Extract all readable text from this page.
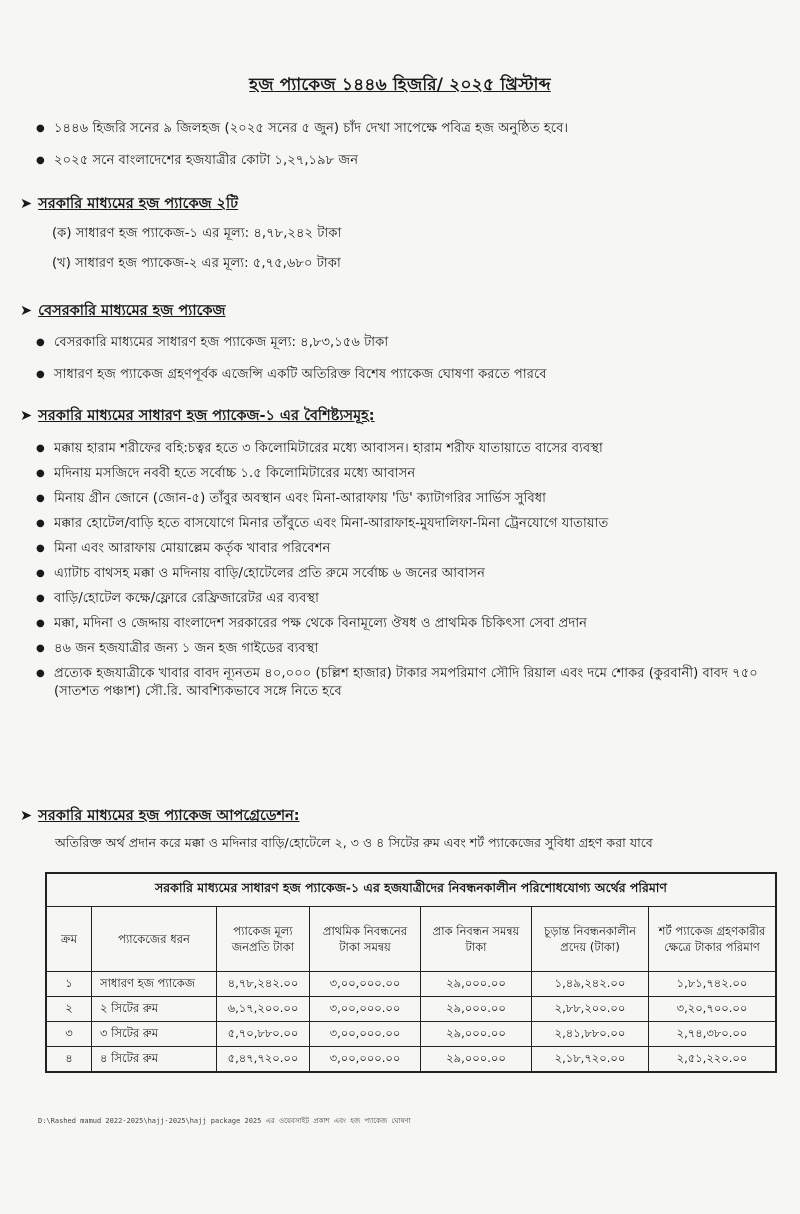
হজ প্যাকেজ ১৪৪৬ হিজরি/ ২০২৫ খ্রিস্টাব্দ
● ১৪৪৬ হিজরি সনের ৯ জিলহজ (২০২৫ সনের ৫ জুন) চাঁদ দেখা সাপেক্ষে পবিত্র হজ অনুষ্ঠিত হবে।
● ২০২৫ সনে বাংলাদেশের হজযাত্রীর কোটা ১,২৭,১৯৮ জন
➤ সরকারি মাধ্যমের হজ প্যাকেজ ২টি
(ক) সাধারণ হজ প্যাকেজ-১ এর মূল্য: ৪,৭৮,২৪২ টাকা
(খ) সাধারণ হজ প্যাকেজ-২ এর মূল্য: ৫,৭৫,৬৮০ টাকা
➤ বেসরকারি মাধ্যমের হজ প্যাকেজ
● বেসরকারি মাধ্যমের সাধারণ হজ প্যাকেজ মূল্য: ৪,৮৩,১৫৬ টাকা
● সাধারণ হজ প্যাকেজ গ্রহণপূর্বক এজেন্সি একটি অতিরিক্ত বিশেষ প্যাকেজ ঘোষণা করতে পারবে
➤ সরকারি মাধ্যমের সাধারণ হজ প্যাকেজ-১ এর বৈশিষ্ট্যসমূহ:
● মক্কায় হারাম শরীফের বহি:চত্বর হতে ৩ কিলোমিটারের মধ্যে আবাসন। হারাম শরীফ যাতায়াতে বাসের ব্যবস্থা
● মদিনায় মসজিদে নববী হতে সর্বোচ্চ ১.৫ কিলোমিটারের মধ্যে আবাসন
● মিনায় গ্রীন জোনে (জোন-৫) তাঁবুর অবস্থান এবং মিনা-আরাফায় 'ডি' ক্যাটাগরির সার্ভিস সুবিধা
● মক্কার হোটেল/বাড়ি হতে বাসযোগে মিনার তাঁবুতে এবং মিনা-আরাফাহ-মুযদালিফা-মিনা ট্রেনযোগে যাতায়াত
● মিনা এবং আরাফায় মোয়াল্লেম কর্তৃক খাবার পরিবেশন
● এ্যাটাচ বাথসহ মক্কা ও মদিনায় বাড়ি/হোটেলের প্রতি রুমে সর্বোচ্চ ৬ জনের আবাসন
● বাড়ি/হোটেল কক্ষে/ফ্লোরে রেফ্রিজারেটর এর ব্যবস্থা
● মক্কা, মদিনা ও জেদ্দায় বাংলাদেশ সরকারের পক্ষ থেকে বিনামূল্যে ঔষধ ও প্রাথমিক চিকিৎসা সেবা প্রদান
● ৪৬ জন হজযাত্রীর জন্য ১ জন হজ গাইডের ব্যবস্থা
● প্রত্যেক হজযাত্রীকে খাবার বাবদ ন্যূনতম ৪০,০০০ (চল্লিশ হাজার) টাকার সমপরিমাণ সৌদি রিয়াল এবং দমে শোকর (কুরবানী) বাবদ ৭৫০ (সাতশত পঞ্চাশ) সৌ.রি. আবশ্যিকভাবে সঙ্গে নিতে হবে
➤ সরকারি মাধ্যমের হজ প্যাকেজ আপগ্রেডেশন:
অতিরিক্ত অর্থ প্রদান করে মক্কা ও মদিনার বাড়ি/হোটেলে ২, ৩ ও ৪ সিটের রুম এবং শর্ট প্যাকেজের সুবিধা গ্রহণ করা যাবে
সরকারি মাধ্যমের সাধারণ হজ প্যাকেজ-১ এর হজযাত্রীদের নিবন্ধনকালীন পরিশোধযোগ্য অর্থের পরিমাণ						
ক্রম	প্যাকেজের ধরন	প্যাকেজ মূল্য জনপ্রতি টাকা	প্রাথমিক নিবন্ধনের টাকা সমন্বয়	প্রাক নিবন্ধন সমন্বয় টাকা	চূড়ান্ত নিবন্ধনকালীন প্রদেয় (টাকা)	শর্ট প্যাকেজ গ্রহণকারীর ক্ষেত্রে টাকার পরিমাণ
১	সাধারণ হজ প্যাকেজ	৪,৭৮,২৪২.০০	৩,০০,০০০.০০	২৯,০০০.০০	১,৪৯,২৪২.০০	১,৮১,৭৪২.০০
২	২ সিটের রুম	৬,১৭,২০০.০০	৩,০০,০০০.০০	২৯,০০০.০০	২,৮৮,২০০.০০	৩,২০,৭০০.০০
৩	৩ সিটের রুম	৫,৭০,৮৮০.০০	৩,০০,০০০.০০	২৯,০০০.০০	২,৪১,৮৮০.০০	২,৭৪,৩৮০.০০
৪	৪ সিটের রুম	৫,৪৭,৭২০.০০	৩,০০,০০০.০০	২৯,০০০.০০	২,১৮,৭২০.০০	২,৫১,২২০.০০
D:\Rashed mamud 2022-2025\hajj-2025\hajj package 2025 এর ওয়েবসাইট প্রকাশ এবং হজ প্যাকেজ ঘোষণা
